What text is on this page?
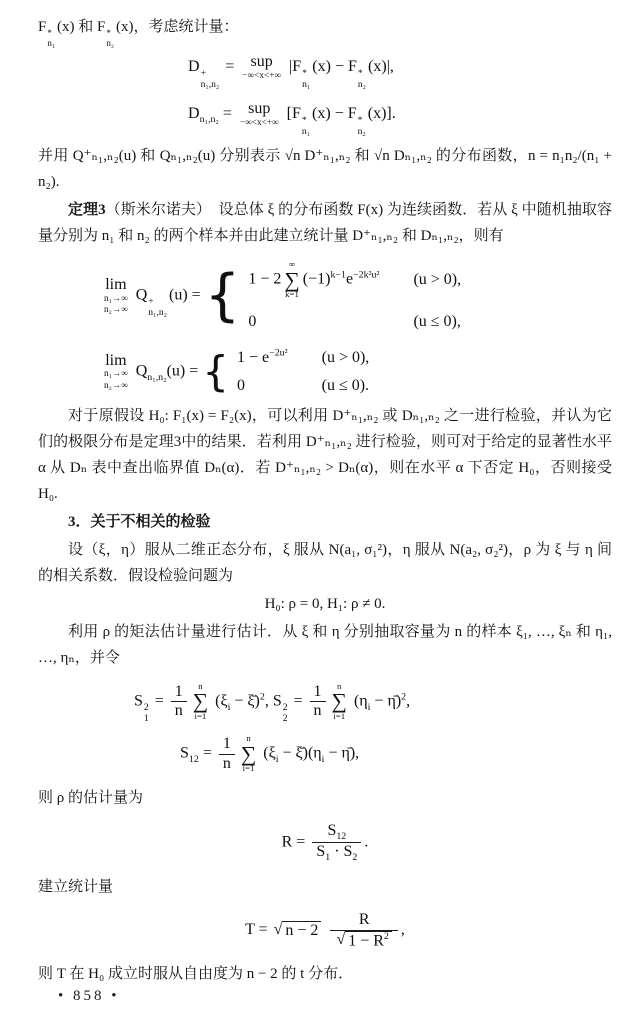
F *
n₁
(x) 和 F *
n₂
(x)，考虑统计量：

D +
n₁,n₂
= sup
−∞<x<+∞
|F *
n₁
(x) − F *
n₂
(x)|,
$D_{n_1,n_2}$ = sup
−∞<x<+∞
[F *
n₁
(x) − F *
n₂
(x)].

并用 Q⁺ₙ₁,ₙ₂(u) 和 Qₙ₁,ₙ₂(u) 分别表示 √n D⁺ₙ₁,ₙ₂ 和 √n Dₙ₁,ₙ₂ 的分布函数，n = n₁n₂/(n₁ + n₂).

定理3（斯米尔诺夫）　设总体 ξ 的分布函数 F(x) 为连续函数．若从 ξ 中随机抽取容量分别为 n₁ 和 n₂ 的两个样本并由此建立统计量 D⁺ₙ₁,ₙ₂ 和 Dₙ₁,ₙ₂，则有

lim
n₁→∞
n₂→∞
Q +
n₁,n₂
(u) = { 1 − 2
∞
∑
k=1
$(-1)^{k-1}e^{-2k^2u^2}$ (u > 0),
0	(u ≤ 0),
lim
n₁→∞
n₂→∞
$Q_{n_1,n_2}(u)$ = { $1 - e^{-2u^2}$ (u > 0),
0	(u ≤ 0).

对于原假设 H₀: F₁(x) = F₂(x)，可以利用 D⁺ₙ₁,ₙ₂ 或 Dₙ₁,ₙ₂ 之一进行检验，并认为它们的极限分布是定理3中的结果．若利用 D⁺ₙ₁,ₙ₂ 进行检验，则可对于给定的显著性水平 α 从 Dₙ 表中查出临界值 Dₙ(α)．若 D⁺ₙ₁,ₙ₂ > Dₙ(α)，则在水平 α 下否定 H₀，否则接受 H₀.

3．关于不相关的检验

设（ξ，η）服从二维正态分布，ξ 服从 N(a₁, σ₁²)，η 服从 N(a₂, σ₂²)，ρ 为 ξ 与 η 间的相关系数．假设检验问题为

H₀: ρ = 0, H₁: ρ ≠ 0.

利用 ρ 的矩法估计量进行估计．从 ξ 和 η 分别抽取容量为 n 的样本 ξ₁, …, ξₙ 和 η₁, …, ηₙ，并令

S 2
1
= $\frac{1}{n}$ n
∑
i=1
($\xi_i$ − ξ̄)$^2$, S 2
2
= $\frac{1}{n}$ n
∑
i=1
($\eta_i$ − η̄)$^2$,
$S_{12} = \frac{1}{n}$ n
∑
i=1
($\xi_i$ − $\xī)(\eta_i$ − η̄),

则 ρ 的估计量为

$R = \frac{S_{12}}{S_1 \cdot S_2}$ .

建立统计量

T = √ n − 2
$\frac{R}{√ 1 - R^2}$ ,

则 T 在 H₀ 成立时服从自由度为 n − 2 的 t 分布．

• 858 •
